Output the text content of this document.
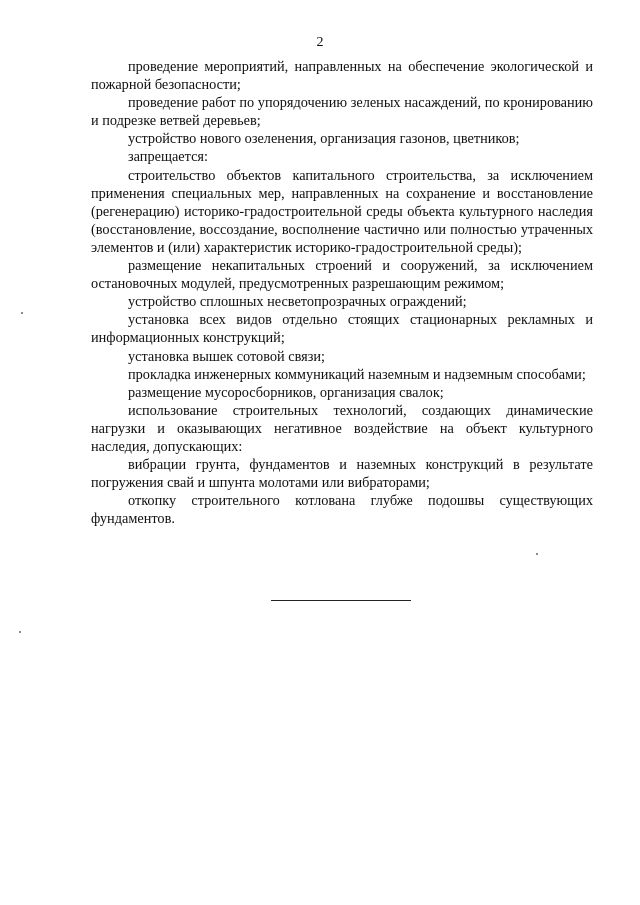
2

проведение мероприятий, направленных на обеспечение экологической и пожарной безопасности;

проведение работ по упорядочению зеленых насаждений, по кронированию и подрезке ветвей деревьев;

устройство нового озеленения, организация газонов, цветников;

запрещается:

строительство объектов капитального строительства, за исключением применения специальных мер, направленных на сохранение и восстановление (регенерацию) историко-градостроительной среды объекта культурного наследия (восстановление, воссоздание, восполнение частично или полностью утраченных элементов и (или) характеристик историко-градостроительной среды);

размещение некапитальных строений и сооружений, за исключением остановочных модулей, предусмотренных разрешающим режимом;

устройство сплошных несветопрозрачных ограждений;

установка всех видов отдельно стоящих стационарных рекламных и информационных конструкций;

установка вышек сотовой связи;

прокладка инженерных коммуникаций наземным и надземным способами;

размещение мусоросборников, организация свалок;

использование строительных технологий, создающих динамические нагрузки и оказывающих негативное воздействие на объект культурного наследия, допускающих:

вибрации грунта, фундаментов и наземных конструкций в результате погружения свай и шпунта молотами или вибраторами;

откопку строительного котлована глубже подошвы существующих фундаментов.
